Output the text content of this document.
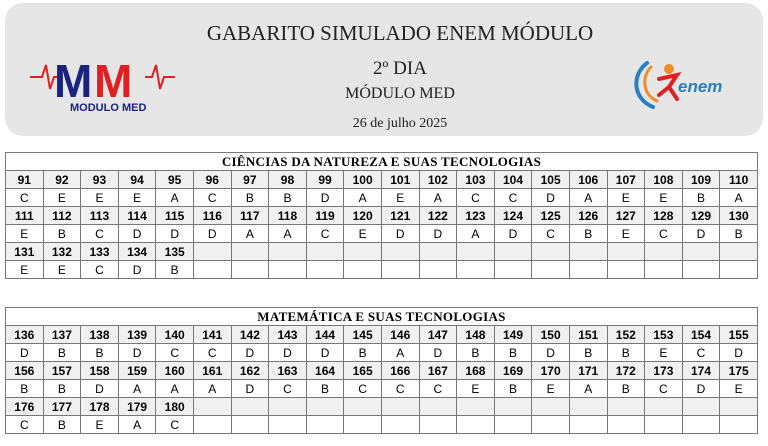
M M
MODULO MED
GABARITO SIMULADO ENEM MÓDULO
2º DIA
MÓDULO MED
26 de julho 2025
enem
CIÊNCIAS DA NATUREZA E SUAS TECNOLOGIAS																			
91	92	93	94	95	96	97	98	99	100	101	102	103	104	105	106	107	108	109	110
C	E	E	E	A	C	B	B	D	A	E	A	C	C	D	A	E	E	B	A
111	112	113	114	115	116	117	118	119	120	121	122	123	124	125	126	127	128	129	130
E	B	C	D	D	D	A	A	C	E	D	D	A	D	C	B	E	C	D	B
131	132	133	134	135															
E	E	C	D	B															
MATEMÁTICA E SUAS TECNOLOGIAS																			
136	137	138	139	140	141	142	143	144	145	146	147	148	149	150	151	152	153	154	155
D	B	B	D	C	C	D	D	D	B	A	D	B	B	D	B	B	E	C	D
156	157	158	159	160	161	162	163	164	165	166	167	168	169	170	171	172	173	174	175
B	B	D	A	A	A	D	C	B	C	C	C	E	B	E	A	B	C	D	E
176	177	178	179	180															
C	B	E	A	C															
